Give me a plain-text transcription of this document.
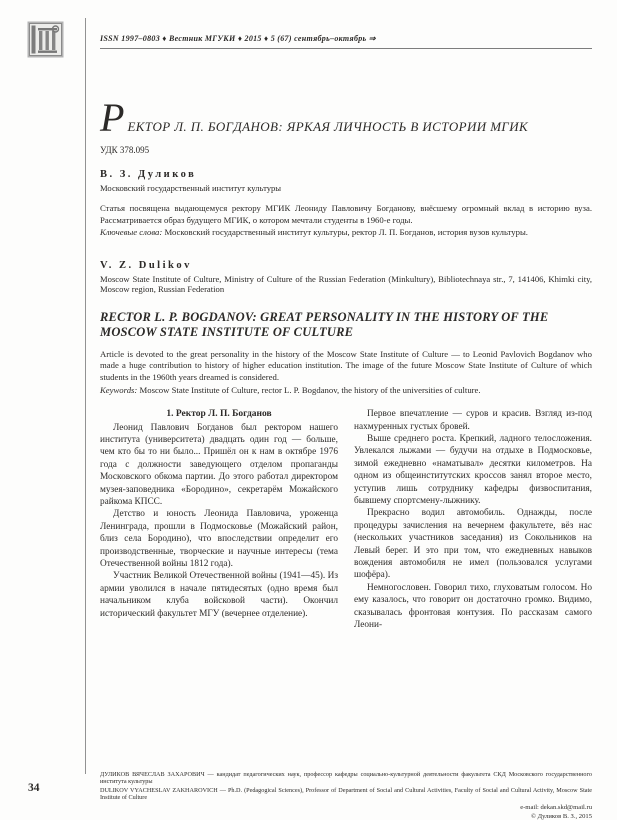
ISSN 1997–0803 ♦ Вестник МГУКИ ♦ 2015 ♦ 5 (67) сентябрь–октябрь ⇒
РЕКТОР Л. П. БОГДАНОВ: ЯРКАЯ ЛИЧНОСТЬ В ИСТОРИИ МГИК
УДК 378.095
В. З. Дуликов
Московский государственный институт культуры
Статья посвящена выдающемуся ректору МГИК Леониду Павловичу Богданову, внёсшему огромный вклад в историю вуза. Рассматривается образ будущего МГИК, о котором мечтали студенты в 1960-е годы.
Ключевые слова: Московский государственный институт культуры, ректор Л. П. Богданов, история вузов культуры.
V. Z. Dulikov
Moscow State Institute of Culture, Ministry of Culture of the Russian Federation (Minkultury), Bibliotechnaya str., 7, 141406, Khimki city, Moscow region, Russian Federation
RECTOR L. P. BOGDANOV: GREAT PERSONALITY IN THE HISTORY OF THE MOSCOW STATE INSTITUTE OF CULTURE
Article is devoted to the great personality in the history of the Moscow State Institute of Culture — to Leonid Pavlovich Bogdanov who made a huge contribution to history of higher education institution. The image of the future Moscow State Institute of Culture of which students in the 1960th years dreamed is considered.
Keywords: Moscow State Institute of Culture, rector L. P. Bogdanov, the history of the universities of culture.
1. Ректор Л. П. Богданов

Леонид Павлович Богданов был ректором нашего института (университета) двадцать один год — больше, чем кто бы то ни было... Пришёл он к нам в октябре 1976 года с должности заведующего отделом пропаганды Московского обкома партии. До этого работал директором музея-заповедника «Бородино», секретарём Можайского райкома КПСС.

Детство и юность Леонида Павловича, уроженца Ленинграда, прошли в Подмосковье (Можайский район, близ села Бородино), что впоследствии определит его производственные, творческие и научные интересы (тема Отечественной войны 1812 года).

Участник Великой Отечественной войны (1941—45). Из армии уволился в начале пятидесятых (одно время был начальником клуба войсковой части). Окончил исторический факультет МГУ (вечернее отделение).

Первое впечатление — суров и красив. Взгляд из-под нахмуренных густых бровей.

Выше среднего роста. Крепкий, ладного телосложения. Увлекался лыжами — будучи на отдыхе в Подмосковье, зимой ежедневно «наматывал» десятки километров. На одном из общеинститутских кроссов занял второе место, уступив лишь сотруднику кафедры физвоспитания, бывшему спортсмену-лыжнику.

Прекрасно водил автомобиль. Однажды, после процедуры зачисления на вечернем факультете, вёз нас (нескольких участников заседания) из Сокольников на Левый берег. И это при том, что ежедневных навыков вождения автомобиля не имел (пользовался услугами шофёра).

Немногословен. Говорил тихо, глуховатым голосом. Но ему казалось, что говорит он достаточно громко. Видимо, сказывалась фронтовая контузия. По рассказам самого Леони-

34

ДУЛИКОВ ВЯЧЕСЛАВ ЗАХАРОВИЧ — кандидат педагогических наук, профессор кафедры социально-культурной деятельности факультета СКД Московского государственного института культуры

DULIKOV VYACHESLAV ZAKHAROVICH — Ph.D. (Pedagogical Sciences), Professor of Department of Social and Cultural Activities, Faculty of Social and Cultural Activity, Moscow State Institute of Culture

e-mail: dekan.skd@mail.ru
© Дуликов В. З., 2015
